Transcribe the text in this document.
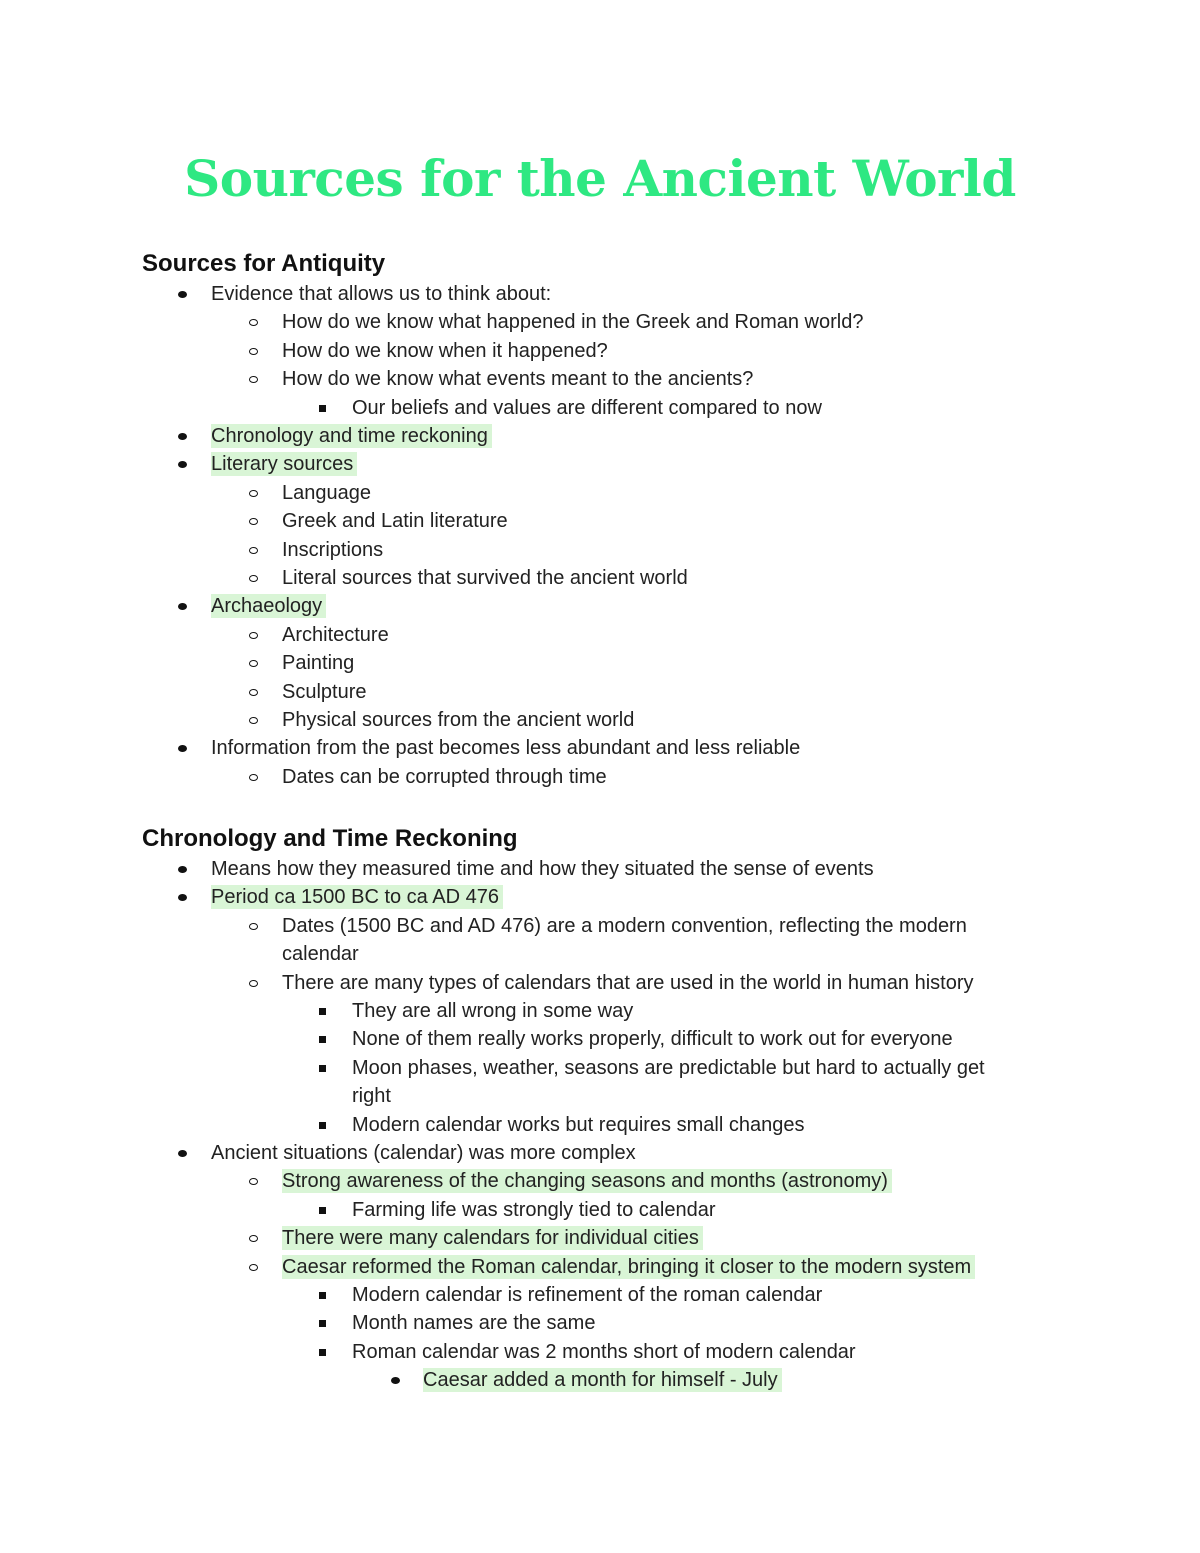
Sources for the Ancient World
Sources for Antiquity
Evidence that allows us to think about:
How do we know what happened in the Greek and Roman world?
How do we know when it happened?
How do we know what events meant to the ancients?
Our beliefs and values are different compared to now
Chronology and time reckoning
Literary sources
Language
Greek and Latin literature
Inscriptions
Literal sources that survived the ancient world
Archaeology
Architecture
Painting
Sculpture
Physical sources from the ancient world
Information from the past becomes less abundant and less reliable
Dates can be corrupted through time
Chronology and Time Reckoning
Means how they measured time and how they situated the sense of events
Period ca 1500 BC to ca AD 476
Dates (1500 BC and AD 476) are a modern convention, reflecting the modern
calendar
There are many types of calendars that are used in the world in human history
They are all wrong in some way
None of them really works properly, difficult to work out for everyone
Moon phases, weather, seasons are predictable but hard to actually get
right
Modern calendar works but requires small changes
Ancient situations (calendar) was more complex
Strong awareness of the changing seasons and months (astronomy)
Farming life was strongly tied to calendar
There were many calendars for individual cities
Caesar reformed the Roman calendar, bringing it closer to the modern system
Modern calendar is refinement of the roman calendar
Month names are the same
Roman calendar was 2 months short of modern calendar
Caesar added a month for himself - July
